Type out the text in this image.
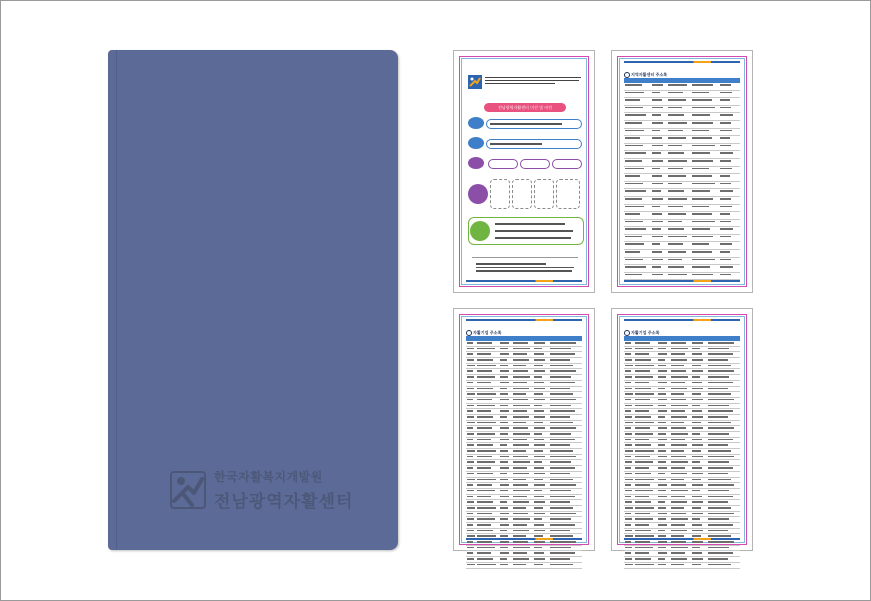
한국자활복지개발원
전남광역자활센터
전남광역자활센터 미션 및 비전
지역자활센터 주소록
자활기업 주소록	자활기업 주소록
